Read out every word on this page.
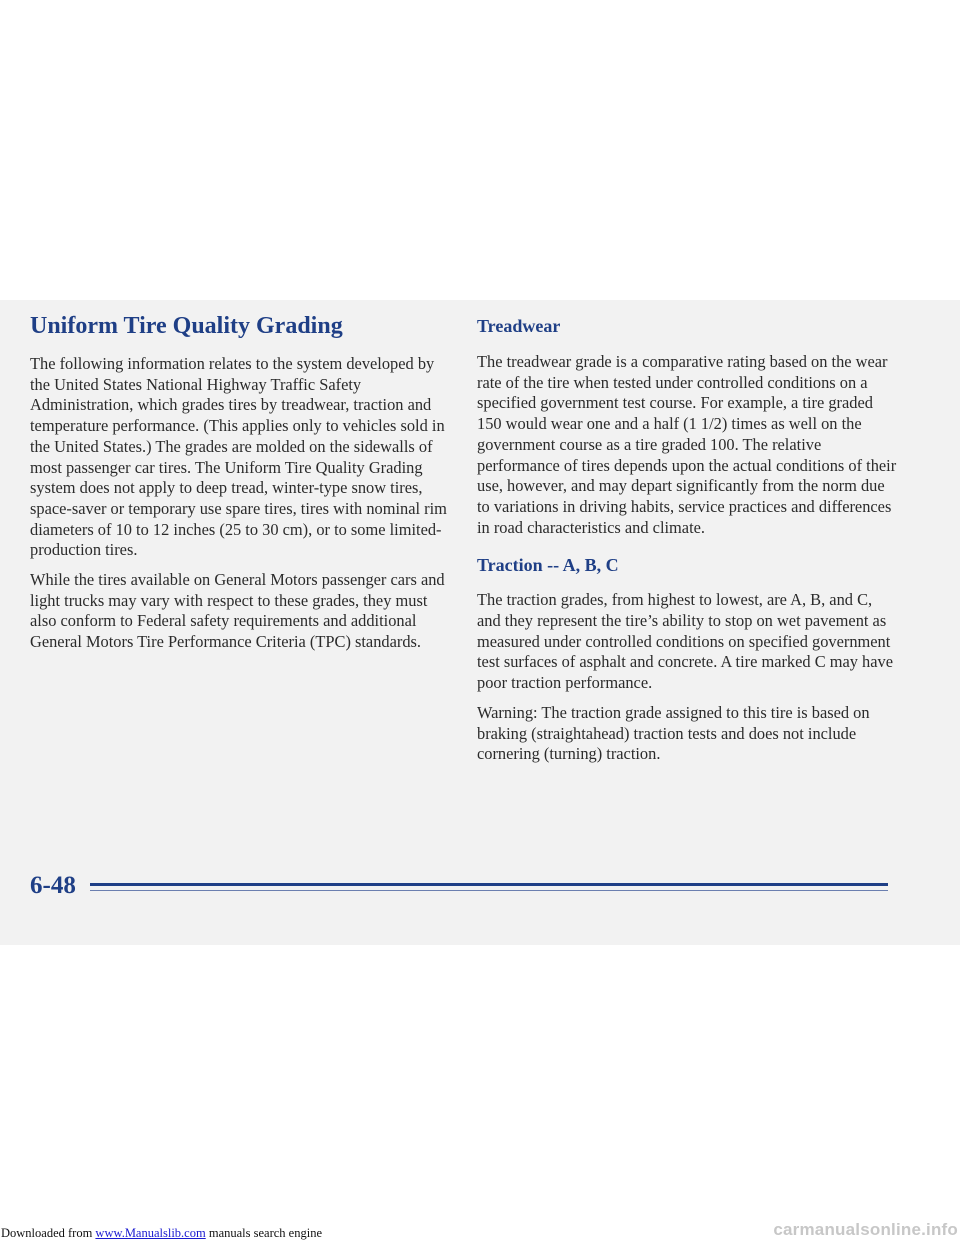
Uniform Tire Quality Grading

The following information relates to the system developed by the United States National Highway Traffic Safety Administration, which grades tires by treadwear, traction and temperature performance. (This applies only to vehicles sold in the United States.) The grades are molded on the sidewalls of most passenger car tires. The Uniform Tire Quality Grading system does not apply to deep tread, winter-type snow tires, space-saver or temporary use spare tires, tires with nominal rim diameters of 10 to 12 inches (25 to 30 cm), or to some limited-production tires.

While the tires available on General Motors passenger cars and light trucks may vary with respect to these grades, they must also conform to Federal safety requirements and additional General Motors Tire Performance Criteria (TPC) standards.

Treadwear

The treadwear grade is a comparative rating based on the wear rate of the tire when tested under controlled conditions on a specified government test course. For example, a tire graded 150 would wear one and a half (1 1/2) times as well on the government course as a tire graded 100. The relative performance of tires depends upon the actual conditions of their use, however, and may depart significantly from the norm due to variations in driving habits, service practices and differences in road characteristics and climate.

Traction -- A, B, C

The traction grades, from highest to lowest, are A, B, and C, and they represent the tire’s ability to stop on wet pavement as measured under controlled conditions on specified government test surfaces of asphalt and concrete. A tire marked C may have poor traction performance.

Warning: The traction grade assigned to this tire is based on braking (straightahead) traction tests and does not include cornering (turning) traction.

6-48
Downloaded from www.Manualslib.com manuals search engine	carmanualsonline.info
